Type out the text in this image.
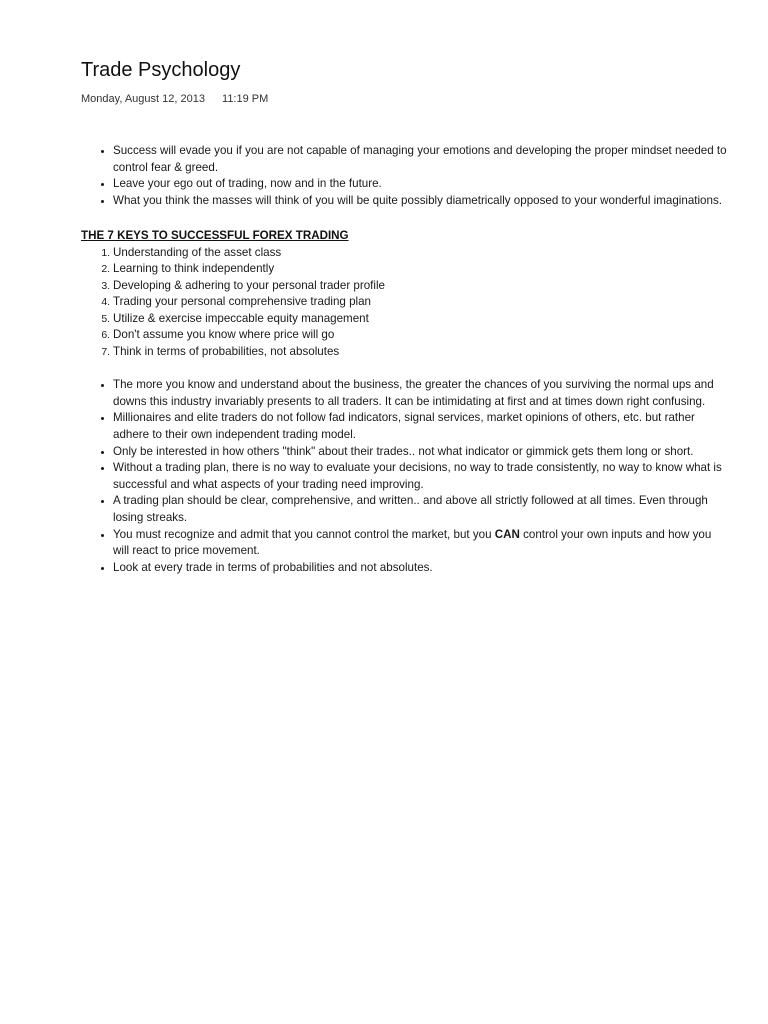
Trade Psychology
Monday, August 12, 2013 11:19 PM
• Success will evade you if you are not capable of managing your emotions and developing the proper mindset needed to control fear & greed.
• Leave your ego out of trading, now and in the future.
• What you think the masses will think of you will be quite possibly diametrically opposed to your wonderful imaginations.
THE 7 KEYS TO SUCCESSFUL FOREX TRADING
1. Understanding of the asset class
2. Learning to think independently
3. Developing & adhering to your personal trader profile
4. Trading your personal comprehensive trading plan
5. Utilize & exercise impeccable equity management
6. Don't assume you know where price will go
7. Think in terms of probabilities, not absolutes
• The more you know and understand about the business, the greater the chances of you surviving the normal ups and downs this industry invariably presents to all traders. It can be intimidating at first and at times down right confusing.
• Millionaires and elite traders do not follow fad indicators, signal services, market opinions of others, etc. but rather adhere to their own independent trading model.
• Only be interested in how others "think" about their trades.. not what indicator or gimmick gets them long or short.
• Without a trading plan, there is no way to evaluate your decisions, no way to trade consistently, no way to know what is successful and what aspects of your trading need improving.
• A trading plan should be clear, comprehensive, and written.. and above all strictly followed at all times. Even through losing streaks.
• You must recognize and admit that you cannot control the market, but you CAN control your own inputs and how you will react to price movement.
• Look at every trade in terms of probabilities and not absolutes.
